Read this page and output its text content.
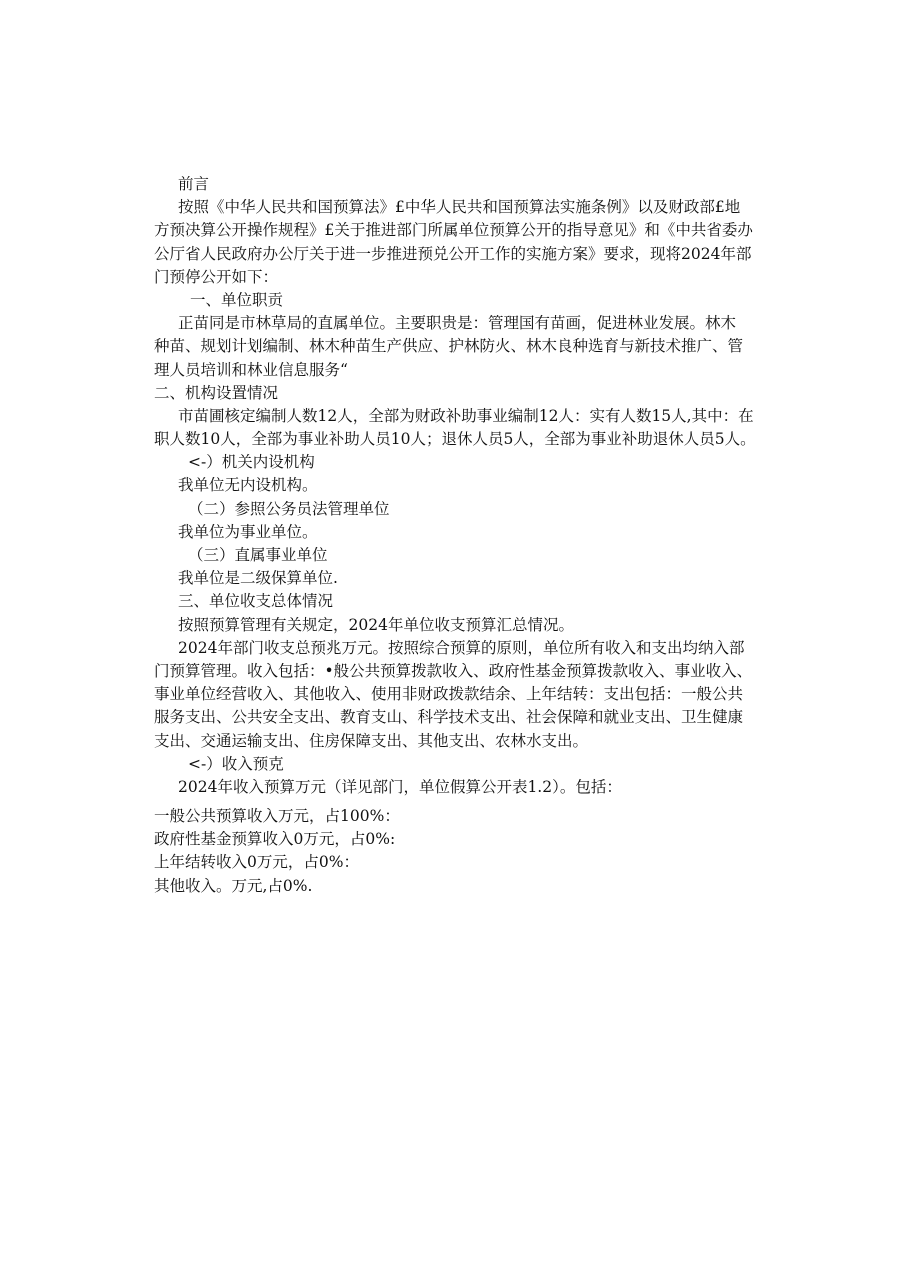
前言

按照《中华人民共和国预算法》£中华人民共和国预算法实施条例》以及财政部£地

方预决算公开操作规程》£关于推进部门所属单位预算公开的指导意见》和《中共省委办

公厅省人民政府办公厅关于进一步推进预兑公开工作的实施方案》要求，现将2024年部

门预停公开如下：

一、单位职贡

正苗同是市林草局的直属单位。主要职贵是：管理国有苗画，促进林业发展。林木

种苗、规划计划编制、林木种苗生产供应、护林防火、林木良种选育与新技术推广、管

理人员培训和林业信息服务“

二、机构设置情况

市苗圃核定编制人数12人，全部为财政补助事业编制12人：实有人数15人,其中：在

职人数10人，全部为事业补助人员10人；退休人员5人，全部为事业补助退休人员5人。

<-）机关内设机构

我单位无内设机构。

（二）参照公务员法管理单位

我单位为事业单位。

（三）直属事业单位

我单位是二级保算单位.

三、单位收支总体情况

按照预算管理有关规定，2024年单位收支预算汇总情况。

2024年部门收支总预兆万元。按照综合预算的原则，单位所有收入和支出均纳入部

门预算管理。收入包括：•般公共预算拨款收入、政府性基金预算拨款收入、事业收入、

事业单位经营收入、其他收入、使用非财政拨款结余、上年结转：支出包括：一般公共

服务支出、公共安全支出、教育支山、科学技术支出、社会保障和就业支出、卫生健康

支出、交通运输支出、住房保障支出、其他支出、农林水支出。

<-）收入预克

2024年收入预算万元（详见部门，单位假算公开表1.2）。包括：

一般公共预算收入万元，占100%：

政府性基金预算收入0万元，占0%:

上年结转收入0万元，占0%：

其他收入。万元,占0%.
